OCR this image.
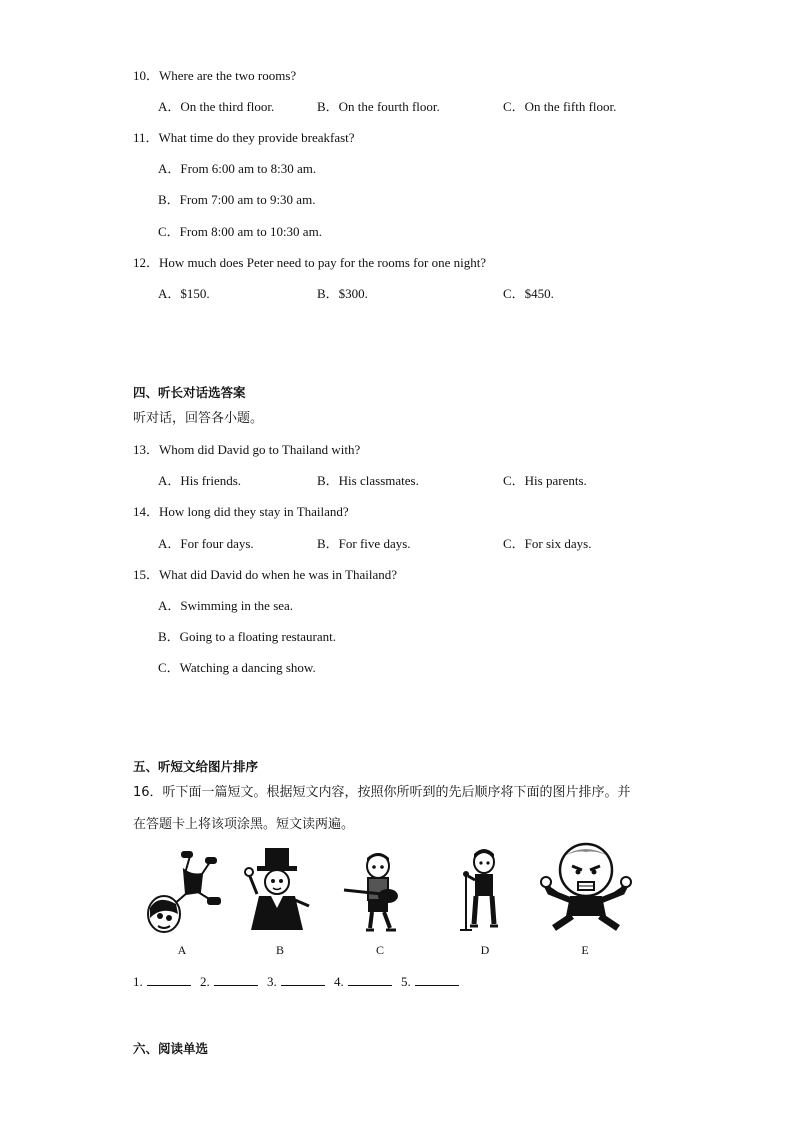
10．Where are the two rooms?
A．On the third floor.	B．On the fourth floor.	C．On the fifth floor.
11．What time do they provide breakfast?
A．From 6:00 am to 8:30 am.
B．From 7:00 am to 9:30 am.
C．From 8:00 am to 10:30 am.
12．How much does Peter need to pay for the rooms for one night?
A．$150.	B．$300.	C．$450.
四、听长对话选答案
听对话，回答各小题。
13．Whom did David go to Thailand with?
A．His friends.	B．His classmates.	C．His parents.
14．How long did they stay in Thailand?
A．For four days.	B．For five days.	C．For six days.
15．What did David do when he was in Thailand?
A．Swimming in the sea.
B．Going to a floating restaurant.
C．Watching a dancing show.
五、听短文给图片排序
16．听下面一篇短文。根据短文内容，按照你所听到的先后顺序将下面的图片排序。并
在答题卡上将该项涂黑。短文读两遍。
A	B	C	D	E
1.	2.	3.	4.	5.
六、阅读单选
